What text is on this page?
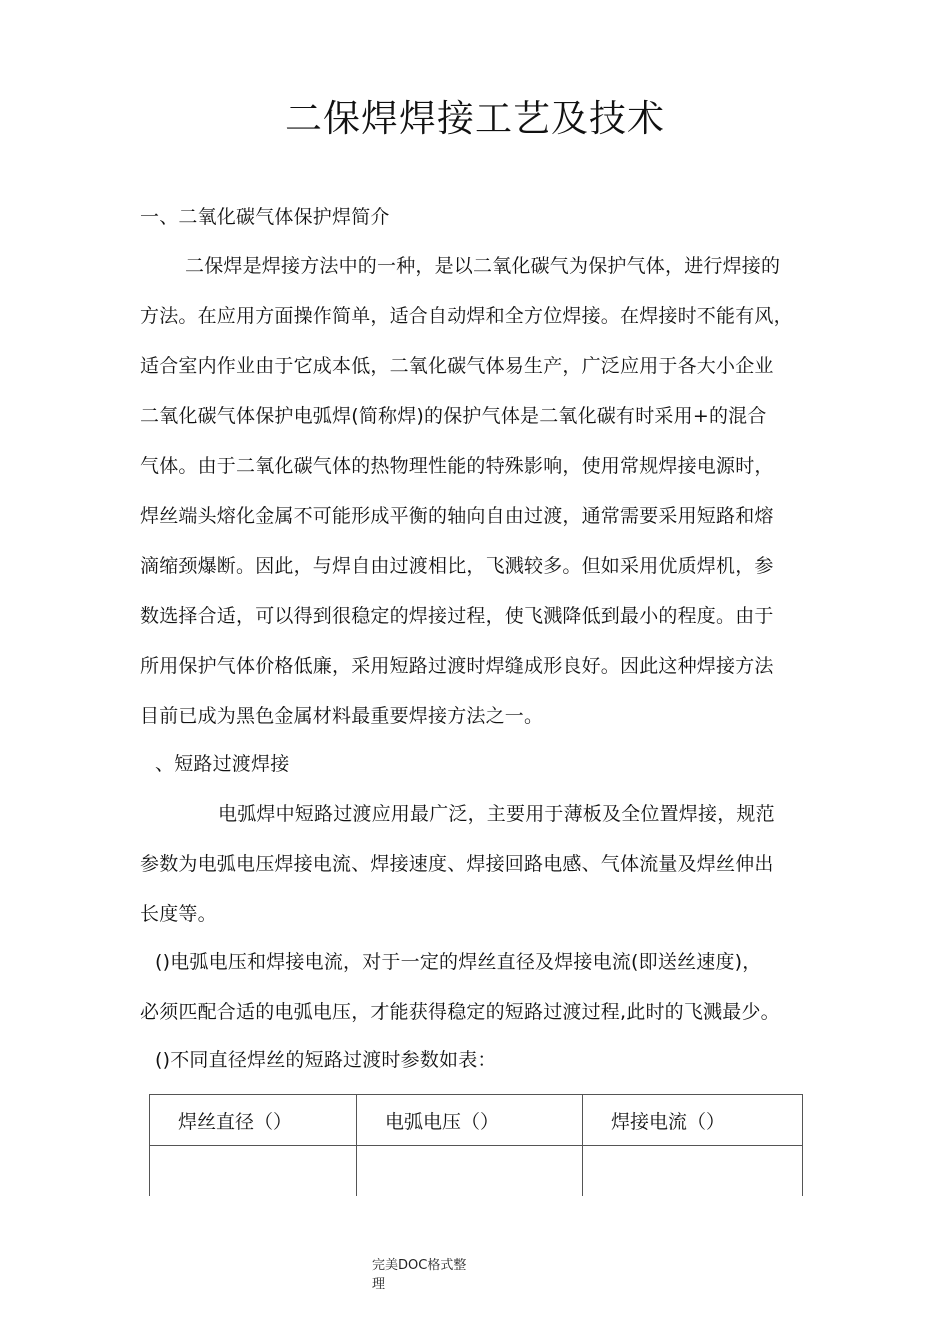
二保焊焊接工艺及技术
一、二氧化碳气体保护焊简介
二保焊是焊接方法中的一种，是以二氧化碳气为保护气体，进行焊接的
方法。在应用方面操作简单，适合自动焊和全方位焊接。在焊接时不能有风，
适合室内作业由于它成本低，二氧化碳气体易生产，广泛应用于各大小企业
二氧化碳气体保护电弧焊(简称焊)的保护气体是二氧化碳有时采用+的混合
气体。由于二氧化碳气体的热物理性能的特殊影响，使用常规焊接电源时，
焊丝端头熔化金属不可能形成平衡的轴向自由过渡，通常需要采用短路和熔
滴缩颈爆断。因此，与焊自由过渡相比，飞溅较多。但如采用优质焊机，参
数选择合适，可以得到很稳定的焊接过程，使飞溅降低到最小的程度。由于
所用保护气体价格低廉，采用短路过渡时焊缝成形良好。因此这种焊接方法
目前已成为黑色金属材料最重要焊接方法之一。
、短路过渡焊接
电弧焊中短路过渡应用最广泛，主要用于薄板及全位置焊接，规范
参数为电弧电压焊接电流、焊接速度、焊接回路电感、气体流量及焊丝伸出
长度等。
()电弧电压和焊接电流，对于一定的焊丝直径及焊接电流(即送丝速度)，
必须匹配合适的电弧电压，才能获得稳定的短路过渡过程,此时的飞溅最少。
()不同直径焊丝的短路过渡时参数如表：
焊丝直径（）	电弧电压（）	焊接电流（）

完美DOC格式整
理
